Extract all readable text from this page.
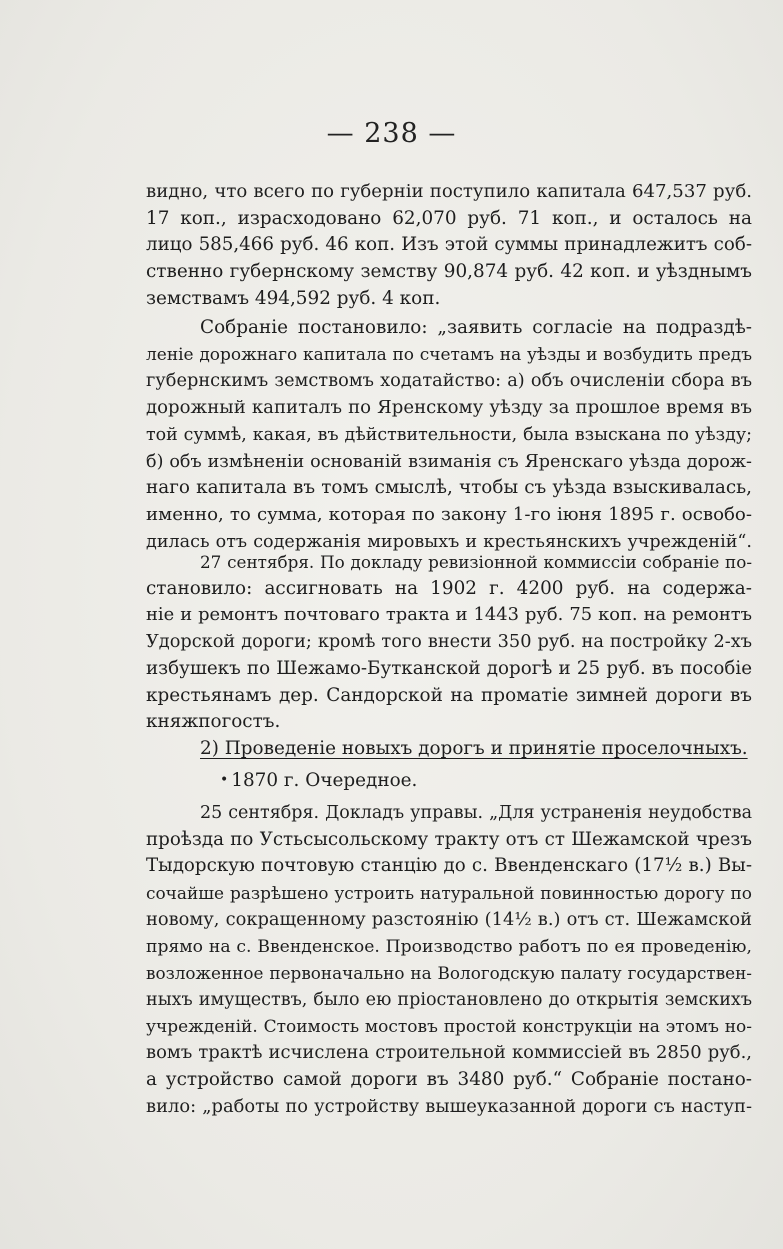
— 238 —
видно, что всего по губерніи поступило капитала 647,537 руб.
17 коп., израсходовано 62,070 руб. 71 коп., и осталось на
лицо 585,466 руб. 46 коп. Изъ этой суммы принадлежитъ соб-
ственно губернскому земству 90,874 руб. 42 коп. и уѣзднымъ
земствамъ 494,592 руб. 4 коп.
Собраніе постановило: „заявить согласіе на подраздѣ-
леніе дорожнаго капитала по счетамъ на уѣзды и возбудить предъ
губернскимъ земствомъ ходатайство: а) объ очисленіи сбора въ
дорожный капиталъ по Яренскому уѣзду за прошлое время въ
той суммѣ, какая, въ дѣйствительности, была взыскана по уѣзду;
б) объ измѣненіи основаній взиманія съ Яренскаго уѣзда дорож-
наго капитала въ томъ смыслѣ, чтобы съ уѣзда взыскивалась,
именно, то сумма, которая по закону 1-го іюня 1895 г. освобо-
дилась отъ содержанія мировыхъ и крестьянскихъ учрежденій“.
27 сентября. По докладу ревизіонной коммиссіи собраніе по-
становило: ассигновать на 1902 г. 4200 руб. на содержа-
ніе и ремонтъ почтоваго тракта и 1443 руб. 75 коп. на ремонтъ
Удорской дороги; кромѣ того внести 350 руб. на постройку 2-хъ
избушекъ по Шежамо-Бутканской дорогѣ и 25 руб. въ пособіе
крестьянамъ дер. Сандорской на проматіе зимней дороги въ
княжпогостъ.
2) Проведеніе новыхъ дорогъ и принятіе проселочныхъ.
• 1870 г. Очередное.
25 сентября. Докладъ управы. „Для устраненія неудобства
проѣзда по Устьсысольскому тракту отъ ст Шежамской чрезъ
Тыдорскую почтовую станцію до с. Ввенденскаго (17½ в.) Вы-
сочайше разрѣшено устроить натуральной повинностью дорогу по
новому, сокращенному разстоянію (14½ в.) отъ ст. Шежамской
прямо на с. Ввенденское. Производство работъ по ея проведенію,
возложенное первоначально на Вологодскую палату государствен-
ныхъ имуществъ, было ею пріостановлено до открытія земскихъ
учрежденій. Стоимость мостовъ простой конструкціи на этомъ но-
вомъ трактѣ исчислена строительной коммиссіей въ 2850 руб.,
а устройство самой дороги въ 3480 руб.“ Собраніе постано-
вило: „работы по устройству вышеуказанной дороги съ наступ-
